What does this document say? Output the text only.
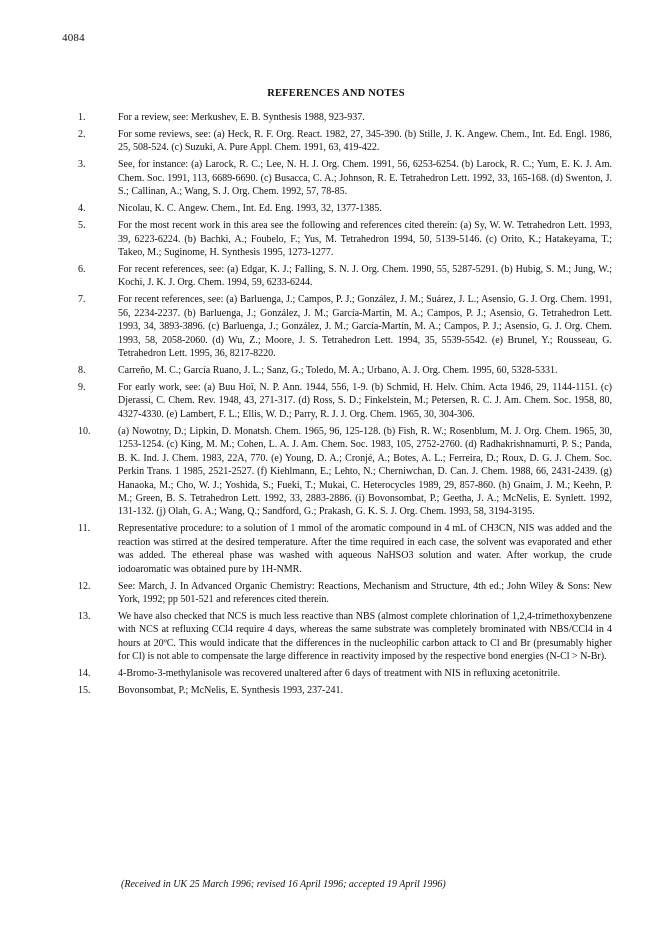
4084
REFERENCES AND NOTES
1.	For a review, see: Merkushev, E. B. Synthesis 1988, 923-937.
2.	For some reviews, see: (a) Heck, R. F. Org. React. 1982, 27, 345-390. (b) Stille, J. K. Angew. Chem., Int. Ed. Engl. 1986, 25, 508-524. (c) Suzuki, A. Pure Appl. Chem. 1991, 63, 419-422.
3.	See, for instance: (a) Larock, R. C.; Lee, N. H. J. Org. Chem. 1991, 56, 6253-6254. (b) Larock, R. C.; Yum, E. K. J. Am. Chem. Soc. 1991, 113, 6689-6690. (c) Busacca, C. A.; Johnson, R. E. Tetrahedron Lett. 1992, 33, 165-168. (d) Swenton, J. S.; Callinan, A.; Wang, S. J. Org. Chem. 1992, 57, 78-85.
4.	Nicolau, K. C. Angew. Chem., Int. Ed. Eng. 1993, 32, 1377-1385.
5.	For the most recent work in this area see the following and references cited therein: (a) Sy, W. W. Tetrahedron Lett. 1993, 39, 6223-6224. (b) Bachki, A.; Foubelo, F.; Yus, M. Tetrahedron 1994, 50, 5139-5146. (c) Orito, K.; Hatakeyama, T.; Takeo, M.; Suginome, H. Synthesis 1995, 1273-1277.
6.	For recent references, see: (a) Edgar, K. J.; Falling, S. N. J. Org. Chem. 1990, 55, 5287-5291. (b) Hubig, S. M.; Jung, W.; Kochi, J. K. J. Org. Chem. 1994, 59, 6233-6244.
7.	For recent references, see: (a) Barluenga, J.; Campos, P. J.; González, J. M.; Suárez, J. L.; Asensio, G. J. Org. Chem. 1991, 56, 2234-2237. (b) Barluenga, J.; González, J. M.; García-Martín, M. A.; Campos, P. J.; Asensio, G. Tetrahedron Lett. 1993, 34, 3893-3896. (c) Barluenga, J.; González, J. M.; García-Martín, M. A.; Campos, P. J.; Asensio, G. J. Org. Chem. 1993, 58, 2058-2060. (d) Wu, Z.; Moore, J. S. Tetrahedron Lett. 1994, 35, 5539-5542. (e) Brunel, Y.; Rousseau, G. Tetrahedron Lett. 1995, 36, 8217-8220.
8.	Carreño, M. C.; García Ruano, J. L.; Sanz, G.; Toledo, M. A.; Urbano, A. J. Org. Chem. 1995, 60, 5328-5331.
9.	For early work, see: (a) Buu Hoï, N. P. Ann. 1944, 556, 1-9. (b) Schmid, H. Helv. Chim. Acta 1946, 29, 1144-1151. (c) Djerassi, C. Chem. Rev. 1948, 43, 271-317. (d) Ross, S. D.; Finkelstein, M.; Petersen, R. C. J. Am. Chem. Soc. 1958, 80, 4327-4330. (e) Lambert, F. L.; Ellis, W. D.; Parry, R. J. J. Org. Chem. 1965, 30, 304-306.
10.	(a) Nowotny, D.; Lipkin, D. Monatsh. Chem. 1965, 96, 125-128. (b) Fish, R. W.; Rosenblum, M. J. Org. Chem. 1965, 30, 1253-1254. (c) King, M. M.; Cohen, L. A. J. Am. Chem. Soc. 1983, 105, 2752-2760. (d) Radhakrishnamurti, P. S.; Panda, B. K. Ind. J. Chem. 1983, 22A, 770. (e) Young, D. A.; Cronjé, A.; Botes, A. L.; Ferreira, D.; Roux, D. G. J. Chem. Soc. Perkin Trans. 1 1985, 2521-2527. (f) Kiehlmann, E.; Lehto, N.; Cherniwchan, D. Can. J. Chem. 1988, 66, 2431-2439. (g) Hanaoka, M.; Cho, W. J.; Yoshida, S.; Fueki, T.; Mukai, C. Heterocycles 1989, 29, 857-860. (h) Gnaim, J. M.; Keehn, P. M.; Green, B. S. Tetrahedron Lett. 1992, 33, 2883-2886. (i) Bovonsombat, P.; Geetha, J. A.; McNelis, E. Synlett. 1992, 131-132. (j) Olah, G. A.; Wang, Q.; Sandford, G.; Prakash, G. K. S. J. Org. Chem. 1993, 58, 3194-3195.
11.	Representative procedure: to a solution of 1 mmol of the aromatic compound in 4 mL of CH3CN, NIS was added and the reaction was stirred at the desired temperature. After the time required in each case, the solvent was evaporated and ether was added. The ethereal phase was washed with aqueous NaHSO3 solution and water. After workup, the crude iodoaromatic was obtained pure by 1H-NMR.
12.	See: March, J. In Advanced Organic Chemistry: Reactions, Mechanism and Structure, 4th ed.; John Wiley & Sons: New York, 1992; pp 501-521 and references cited therein.
13.	We have also checked that NCS is much less reactive than NBS (almost complete chlorination of 1,2,4-trimethoxybenzene with NCS at refluxing CCl4 require 4 days, whereas the same substrate was completely brominated with NBS/CCl4 in 4 hours at 20ºC. This would indicate that the differences in the nucleophilic carbon attack to Cl and Br (presumably higher for Cl) is not able to compensate the large difference in reactivity imposed by the respective bond energies (N-Cl > N-Br).
14.	4-Bromo-3-methylanisole was recovered unaltered after 6 days of treatment with NIS in refluxing acetonitrile.
15.	Bovonsombat, P.; McNelis, E. Synthesis 1993, 237-241.
(Received in UK 25 March 1996; revised 16 April 1996; accepted 19 April 1996)
